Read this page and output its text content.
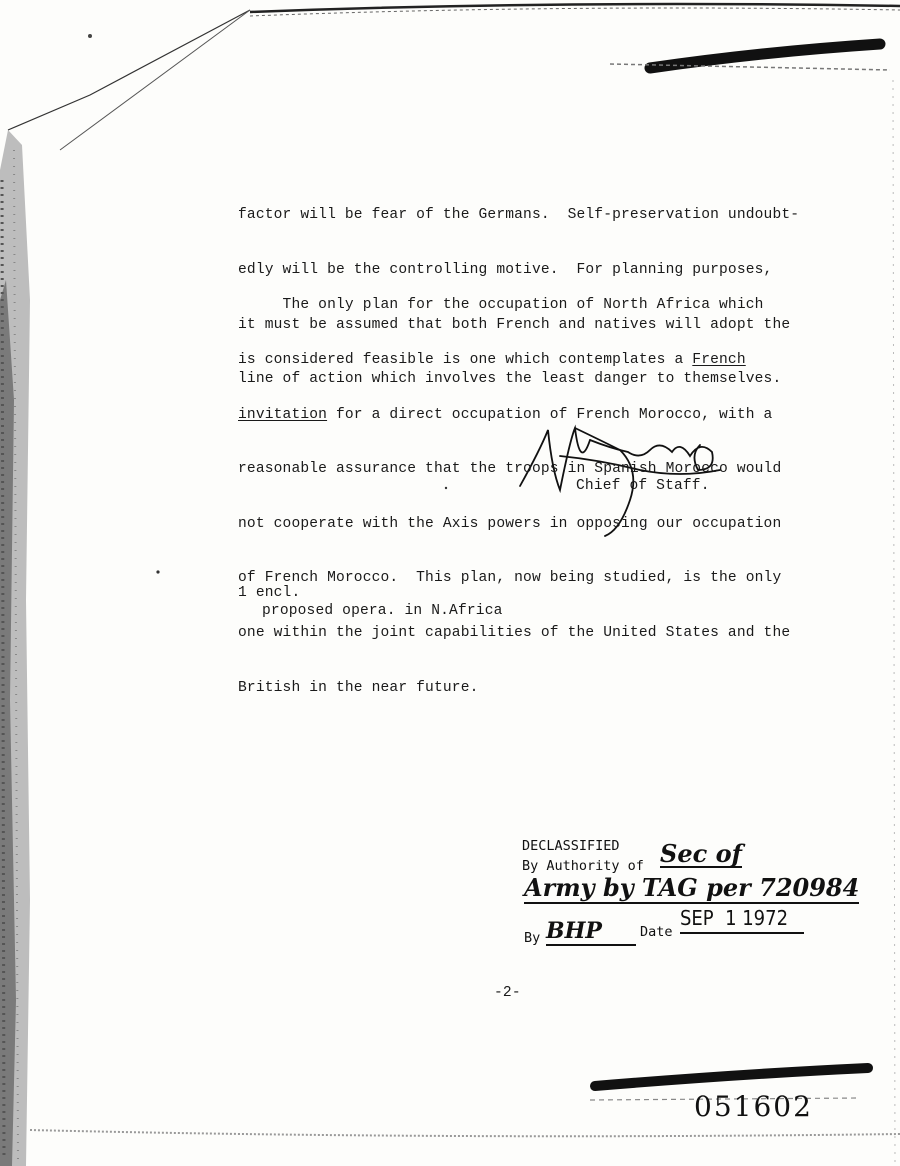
factor will be fear of the Germans.  Self-preservation undoubt-

edly will be the controlling motive.  For planning purposes,

it must be assumed that both French and natives will adopt the

line of action which involves the least danger to themselves.

The only plan for the occupation of North Africa which

is considered feasible is one which contemplates a French

invitation for a direct occupation of French Morocco, with a

reasonable assurance that the troops in Spanish Morocco would

not cooperate with the Axis powers in opposing our occupation

of French Morocco.  This plan, now being studied, is the only

one within the joint capabilities of the United States and the

British in the near future.

Chief of Staff.
1 encl.
proposed opera. in N.Africa
DECLASSIFIED
By Authority of Sec of
Army by TAG per 720984
By BHP	Date
SEP  1 1972
-2-
051602
